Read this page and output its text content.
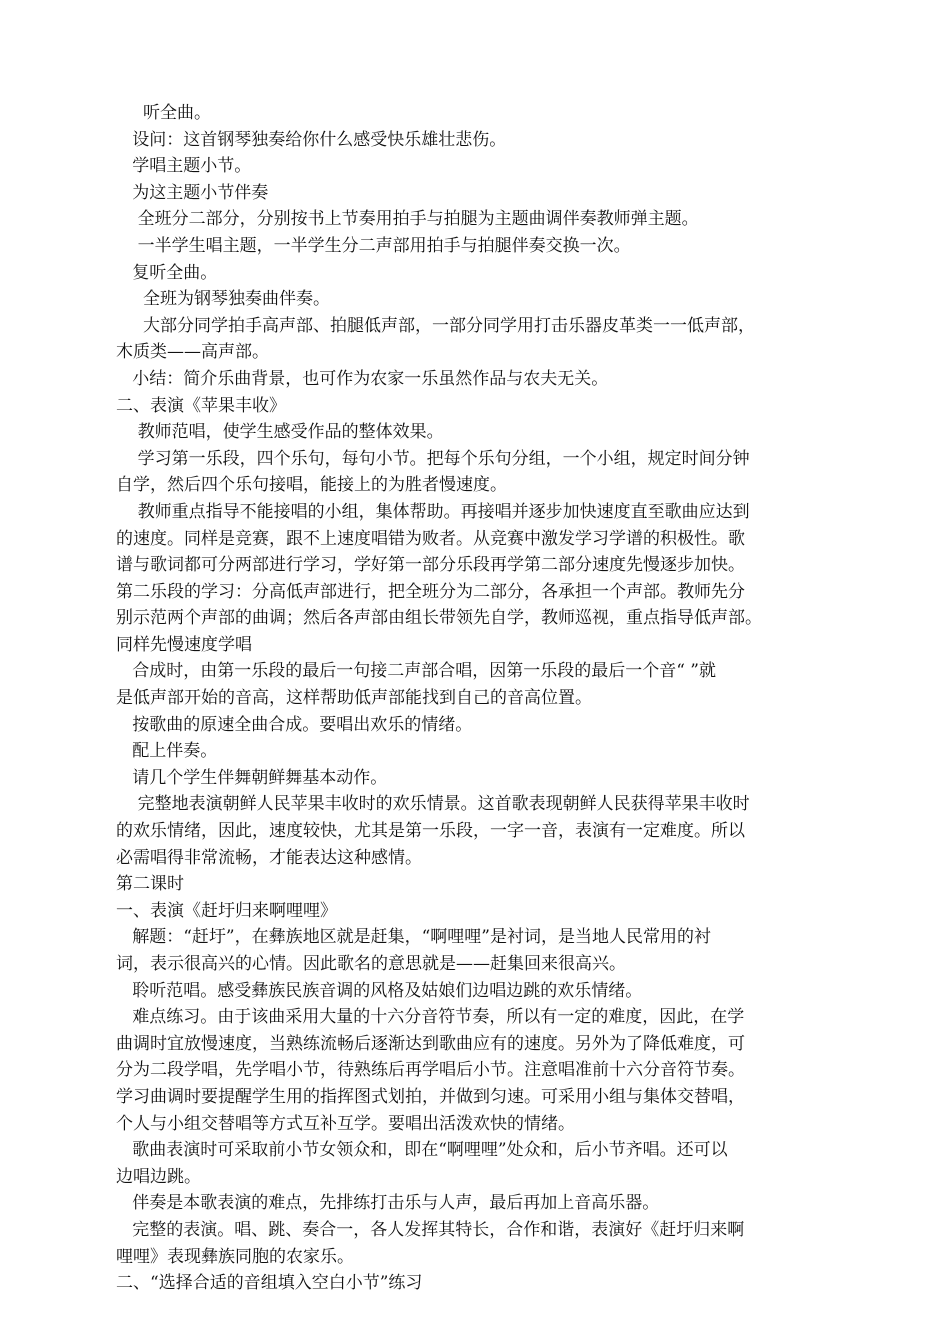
听全曲。
设问：这首钢琴独奏给你什么感受快乐雄壮悲伤。
学唱主题小节。
为这主题小节伴奏
全班分二部分，分别按书上节奏用拍手与拍腿为主题曲调伴奏教师弹主题。
一半学生唱主题，一半学生分二声部用拍手与拍腿伴奏交换一次。
复听全曲。
全班为钢琴独奏曲伴奏。
大部分同学拍手高声部、拍腿低声部，一部分同学用打击乐器皮革类一一低声部，
木质类——高声部。
小结：简介乐曲背景，也可作为农家一乐虽然作品与农夫无关。
二、表演《苹果丰收》
教师范唱，使学生感受作品的整体效果。
学习第一乐段，四个乐句，每句小节。把每个乐句分组，一个小组，规定时间分钟
自学，然后四个乐句接唱，能接上的为胜者慢速度。
教师重点指导不能接唱的小组，集体帮助。再接唱并逐步加快速度直至歌曲应达到
的速度。同样是竞赛，跟不上速度唱错为败者。从竞赛中激发学习学谱的积极性。歌
谱与歌词都可分两部进行学习，学好第一部分乐段再学第二部分速度先慢逐步加快。
第二乐段的学习：分高低声部进行，把全班分为二部分，各承担一个声部。教师先分
别示范两个声部的曲调；然后各声部由组长带领先自学，教师巡视，重点指导低声部。
同样先慢速度学唱
合成时，由第一乐段的最后一句接二声部合唱，因第一乐段的最后一个音“ ”就
是低声部开始的音高，这样帮助低声部能找到自己的音高位置。
按歌曲的原速全曲合成。要唱出欢乐的情绪。
配上伴奏。
请几个学生伴舞朝鲜舞基本动作。
完整地表演朝鲜人民苹果丰收时的欢乐情景。这首歌表现朝鲜人民获得苹果丰收时
的欢乐情绪，因此，速度较快，尤其是第一乐段，一字一音，表演有一定难度。所以
必需唱得非常流畅，才能表达这种感情。
第二课时
一、表演《赶圩归来啊哩哩》
解题：“赶圩”，在彝族地区就是赶集，“啊哩哩”是衬词，是当地人民常用的衬
词，表示很高兴的心情。因此歌名的意思就是——赶集回来很高兴。
聆听范唱。感受彝族民族音调的风格及姑娘们边唱边跳的欢乐情绪。
难点练习。由于该曲采用大量的十六分音符节奏，所以有一定的难度，因此，在学
曲调时宜放慢速度，当熟练流畅后逐渐达到歌曲应有的速度。另外为了降低难度，可
分为二段学唱，先学唱小节，待熟练后再学唱后小节。注意唱准前十六分音符节奏。
学习曲调时要提醒学生用的指挥图式划拍，并做到匀速。可采用小组与集体交替唱，
个人与小组交替唱等方式互补互学。要唱出活泼欢快的情绪。
歌曲表演时可采取前小节女领众和，即在“啊哩哩”处众和，后小节齐唱。还可以
边唱边跳。
伴奏是本歌表演的难点，先排练打击乐与人声，最后再加上音高乐器。
完整的表演。唱、跳、奏合一，各人发挥其特长，合作和谐，表演好《赶圩归来啊
哩哩》表现彝族同胞的农家乐。
二、“选择合适的音组填入空白小节”练习
